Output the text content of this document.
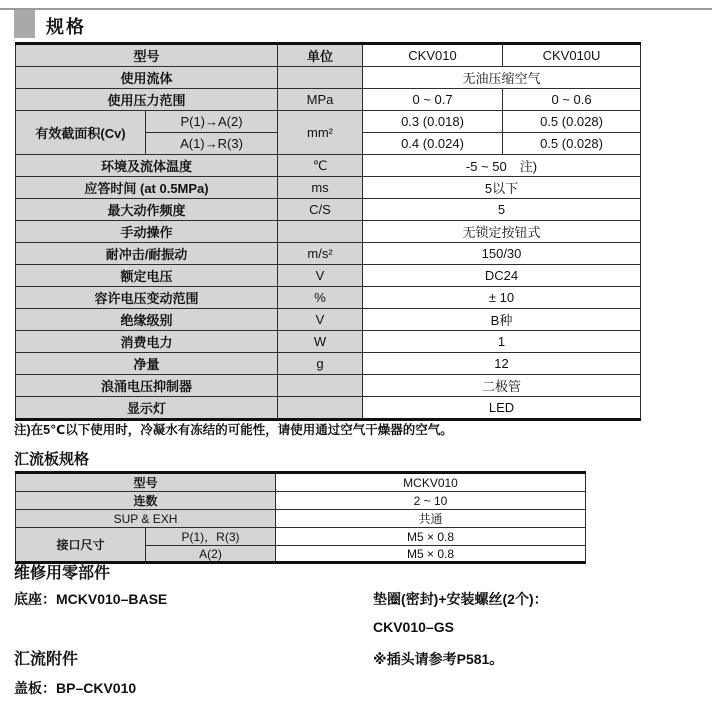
规格
型号		单位	CKV010	CKV010U
使用流体			无油压缩空气	
使用压力范围		MPa	0 ~ 0.7	0 ~ 0.6
有效截面积(Cv)	P(1)→A(2)	mm²	0.3 (0.018)	0.5 (0.028)
	A(1)→R(3)		0.4 (0.024)	0.5 (0.028)
环境及流体温度		℃	-5 ~ 50　注)	
应答时间 (at 0.5MPa)		ms	5以下	
最大动作频度		C/S	5	
手动操作			无锁定按钮式	
耐冲击/耐振动		m/s²	150/30	
额定电压		V	DC24	
容许电压变动范围		%	± 10	
绝缘级别		V	B种	
消费电力		W	1	
净量		g	12	
浪涌电压抑制器			二极管	
显示灯			LED	
注)在5℃以下使用时，冷凝水有冻结的可能性，请使用通过空气干燥器的空气。
汇流板规格
型号		MCKV010
连数		2 ~ 10
SUP & EXH		共通
接口尺寸	P(1)，R(3)	M5 × 0.8
	A(2)	M5 × 0.8
维修用零部件
底座：MCKV010–BASE	垫圈(密封)+安装螺丝(2个)：
CKV010–GS
汇流附件	※插头请参考P581。
盖板：BP–CKV010
